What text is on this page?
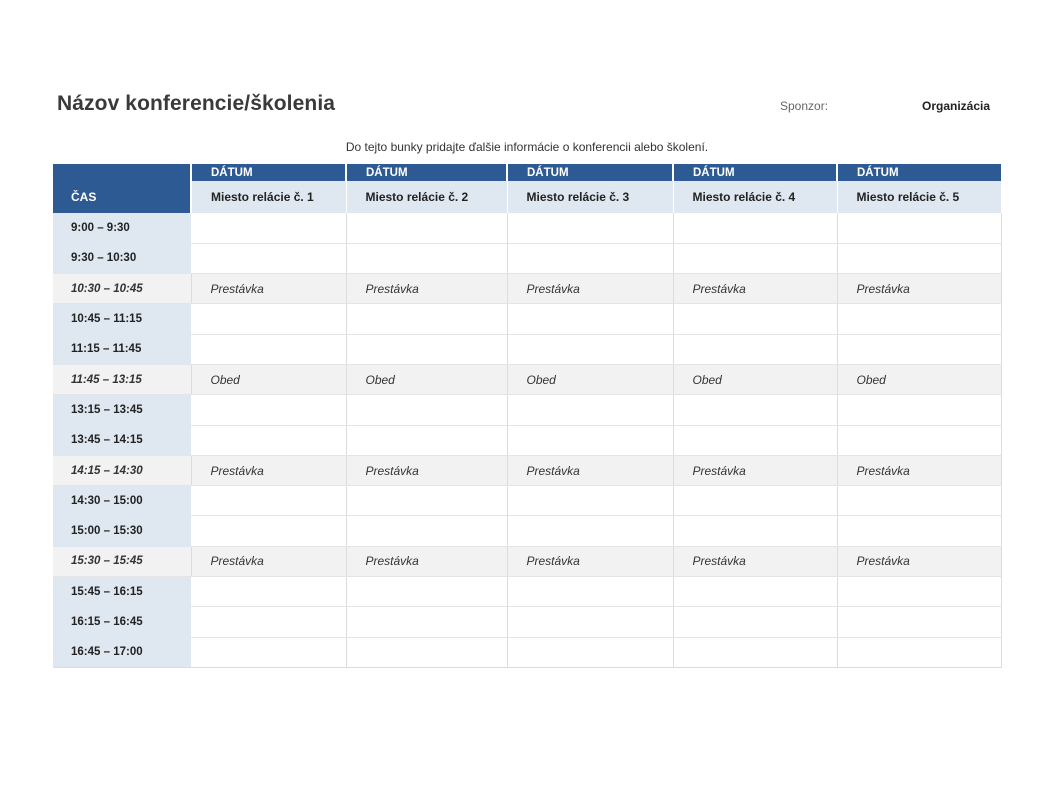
Názov konferencie/školenia	Sponzor:	Organizácia
Do tejto bunky pridajte ďalšie informácie o konferencii alebo školení.
	DÁTUM	DÁTUM	DÁTUM	DÁTUM	DÁTUM
ČAS	Miesto relácie č. 1	Miesto relácie č. 2	Miesto relácie č. 3	Miesto relácie č. 4	Miesto relácie č. 5
9:00 – 9:30					
9:30 – 10:30					
10:30 – 10:45	Prestávka	Prestávka	Prestávka	Prestávka	Prestávka
10:45 – 11:15					
11:15 – 11:45					
11:45 – 13:15	Obed	Obed	Obed	Obed	Obed
13:15 – 13:45					
13:45 – 14:15					
14:15 – 14:30	Prestávka	Prestávka	Prestávka	Prestávka	Prestávka
14:30 – 15:00					
15:00 – 15:30					
15:30 – 15:45	Prestávka	Prestávka	Prestávka	Prestávka	Prestávka
15:45 – 16:15					
16:15 – 16:45					
16:45 – 17:00					
